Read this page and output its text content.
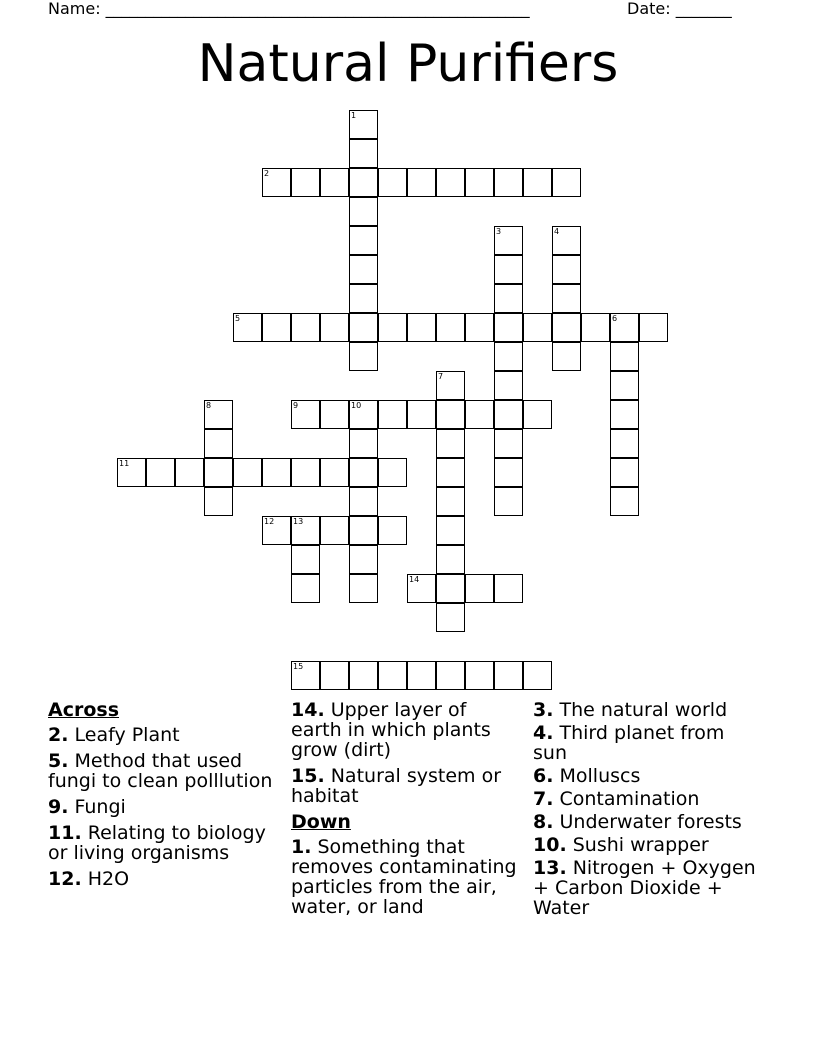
Name: _____________________________________________________	Date: _______
Natural Purifiers
1
2
3	4
5	6
7
8	9	10
11
12 13
14
15
Across
2. Leafy Plant
5. Method that used fungi to clean polllution
9. Fungi
11. Relating to biology or living organisms
12. H2O
14. Upper layer of earth in which plants grow (dirt)
15. Natural system or habitat
Down
1. Something that removes contaminating particles from the air, water, or land
3. The natural world
4. Third planet from sun
6. Molluscs
7. Contamination
8. Underwater forests
10. Sushi wrapper
13. Nitrogen + Oxygen + Carbon Dioxide + Water
